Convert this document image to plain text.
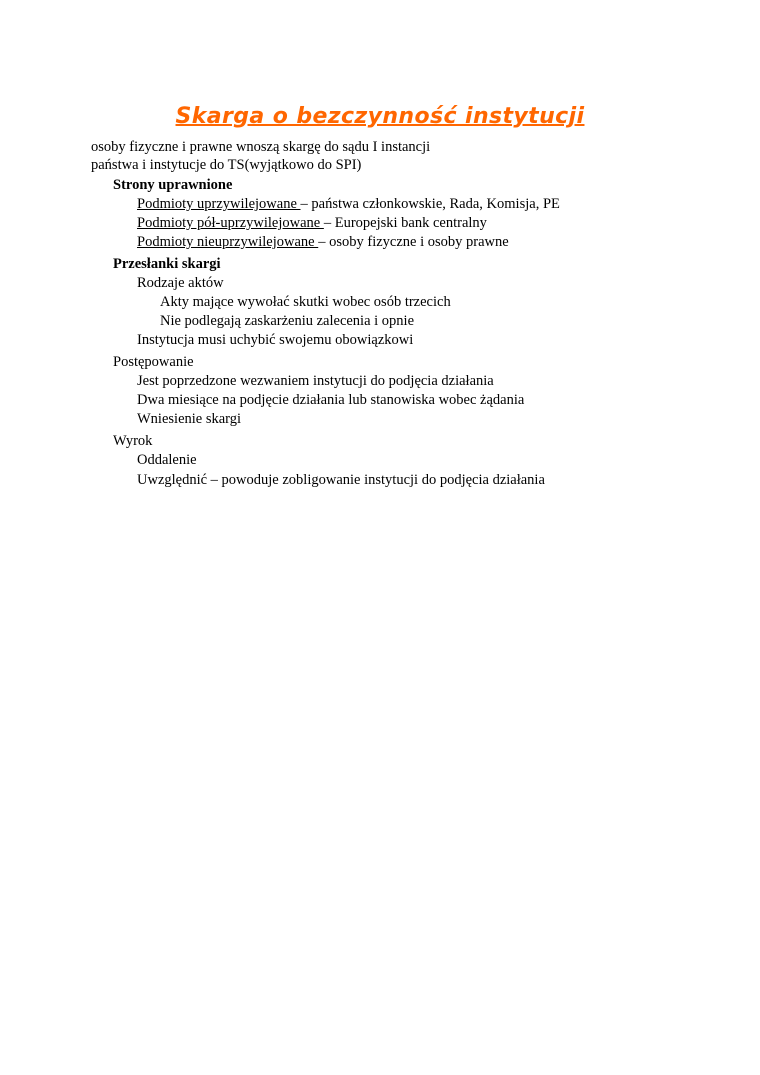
Skarga o bezczynność instytucji
osoby fizyczne i prawne wnoszą skargę do sądu I instancji
państwa i instytucje do TS(wyjątkowo do SPI)
Strony uprawnione
Podmioty uprzywilejowane – państwa członkowskie, Rada, Komisja, PE
Podmioty pół-uprzywilejowane – Europejski bank centralny
Podmioty nieuprzywilejowane – osoby fizyczne i osoby prawne
Przesłanki skargi
Rodzaje aktów
Akty mające wywołać skutki wobec osób trzecich
Nie podlegają zaskarżeniu zalecenia i opnie
Instytucja musi uchybić swojemu obowiązkowi
Postępowanie
Jest poprzedzone wezwaniem instytucji do podjęcia działania
Dwa miesiące na podjęcie działania lub stanowiska wobec żądania
Wniesienie skargi
Wyrok
Oddalenie
Uwzględnić – powoduje zobligowanie instytucji do podjęcia działania
